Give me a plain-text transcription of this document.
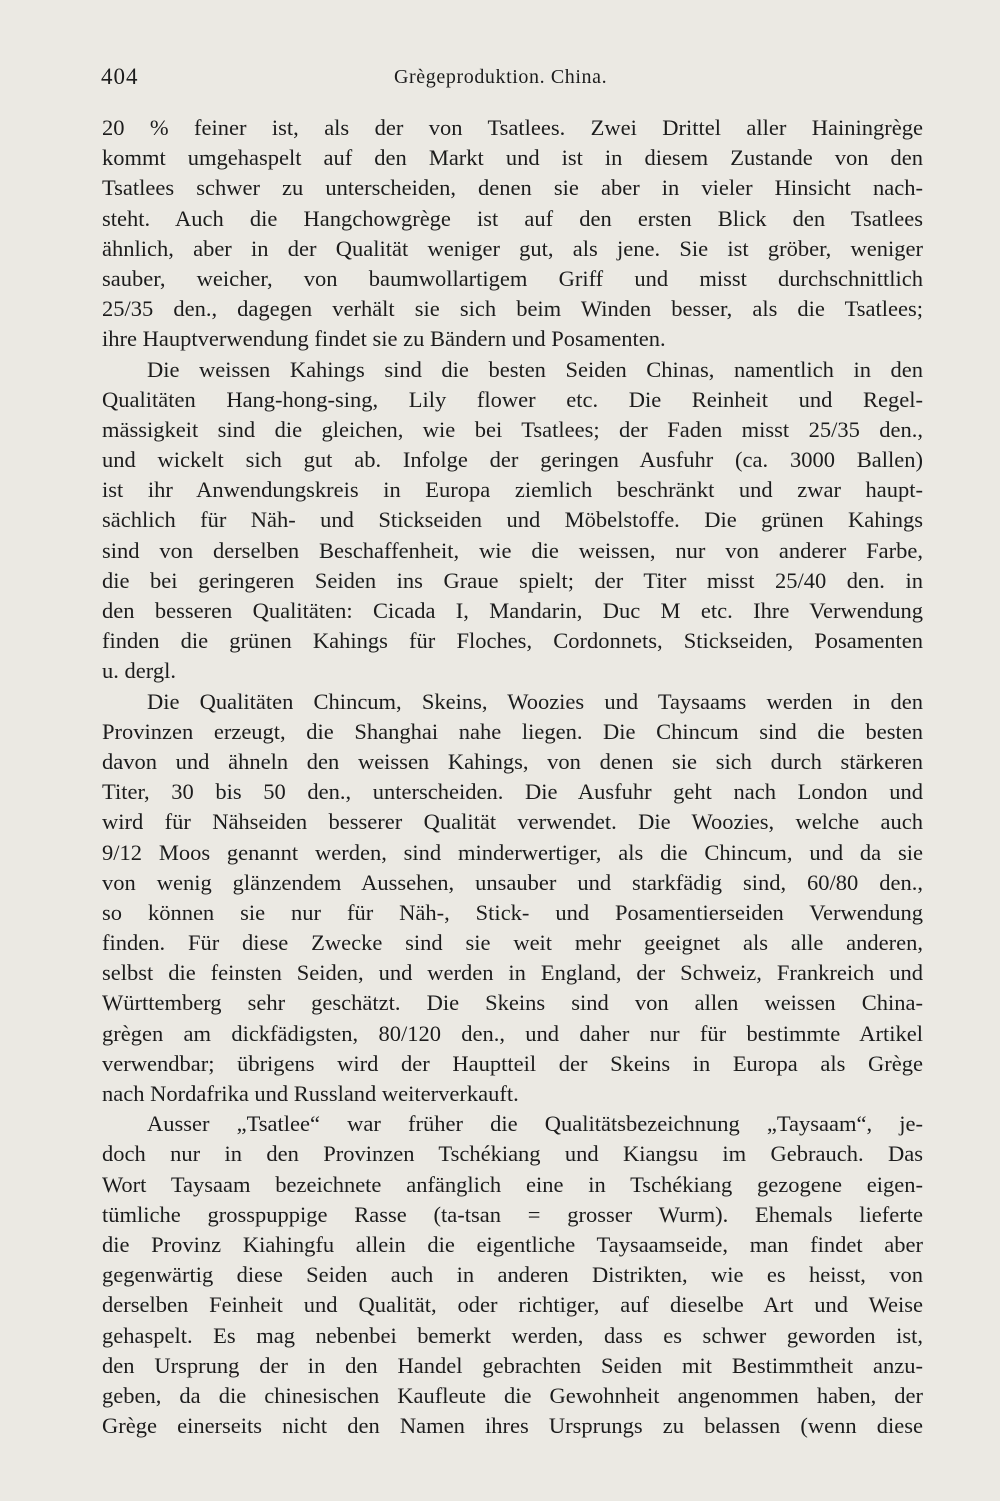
404	Grègeproduktion. China.
20 % feiner ist, als der von Tsatlees. Zwei Drittel aller Hainingrège
kommt umgehaspelt auf den Markt und ist in diesem Zustande von den
Tsatlees schwer zu unterscheiden, denen sie aber in vieler Hinsicht nach-
steht. Auch die Hangchowgrège ist auf den ersten Blick den Tsatlees
ähnlich, aber in der Qualität weniger gut, als jene. Sie ist gröber, weniger
sauber, weicher, von baumwollartigem Griff und misst durchschnittlich
25/35 den., dagegen verhält sie sich beim Winden besser, als die Tsatlees;
ihre Hauptverwendung findet sie zu Bändern und Posamenten.
Die weissen Kahings sind die besten Seiden Chinas, namentlich in den
Qualitäten Hang-hong-sing, Lily flower etc. Die Reinheit und Regel-
mässigkeit sind die gleichen, wie bei Tsatlees; der Faden misst 25/35 den.,
und wickelt sich gut ab. Infolge der geringen Ausfuhr (ca. 3000 Ballen)
ist ihr Anwendungskreis in Europa ziemlich beschränkt und zwar haupt-
sächlich für Näh- und Stickseiden und Möbelstoffe. Die grünen Kahings
sind von derselben Beschaffenheit, wie die weissen, nur von anderer Farbe,
die bei geringeren Seiden ins Graue spielt; der Titer misst 25/40 den. in
den besseren Qualitäten: Cicada I, Mandarin, Duc M etc. Ihre Verwendung
finden die grünen Kahings für Floches, Cordonnets, Stickseiden, Posamenten
u. dergl.
Die Qualitäten Chincum, Skeins, Woozies und Taysaams werden in den
Provinzen erzeugt, die Shanghai nahe liegen. Die Chincum sind die besten
davon und ähneln den weissen Kahings, von denen sie sich durch stärkeren
Titer, 30 bis 50 den., unterscheiden. Die Ausfuhr geht nach London und
wird für Nähseiden besserer Qualität verwendet. Die Woozies, welche auch
9/12 Moos genannt werden, sind minderwertiger, als die Chincum, und da sie
von wenig glänzendem Aussehen, unsauber und starkfädig sind, 60/80 den.,
so können sie nur für Näh-, Stick- und Posamentierseiden Verwendung
finden. Für diese Zwecke sind sie weit mehr geeignet als alle anderen,
selbst die feinsten Seiden, und werden in England, der Schweiz, Frankreich und
Württemberg sehr geschätzt. Die Skeins sind von allen weissen China-
grègen am dickfädigsten, 80/120 den., und daher nur für bestimmte Artikel
verwendbar; übrigens wird der Hauptteil der Skeins in Europa als Grège
nach Nordafrika und Russland weiterverkauft.
Ausser „Tsatlee“ war früher die Qualitätsbezeichnung „Taysaam“, je-
doch nur in den Provinzen Tschékiang und Kiangsu im Gebrauch. Das
Wort Taysaam bezeichnete anfänglich eine in Tschékiang gezogene eigen-
tümliche grosspuppige Rasse (ta-tsan = grosser Wurm). Ehemals lieferte
die Provinz Kiahingfu allein die eigentliche Taysaamseide, man findet aber
gegenwärtig diese Seiden auch in anderen Distrikten, wie es heisst, von
derselben Feinheit und Qualität, oder richtiger, auf dieselbe Art und Weise
gehaspelt. Es mag nebenbei bemerkt werden, dass es schwer geworden ist,
den Ursprung der in den Handel gebrachten Seiden mit Bestimmtheit anzu-
geben, da die chinesischen Kaufleute die Gewohnheit angenommen haben, der
Grège einerseits nicht den Namen ihres Ursprungs zu belassen (wenn diese
